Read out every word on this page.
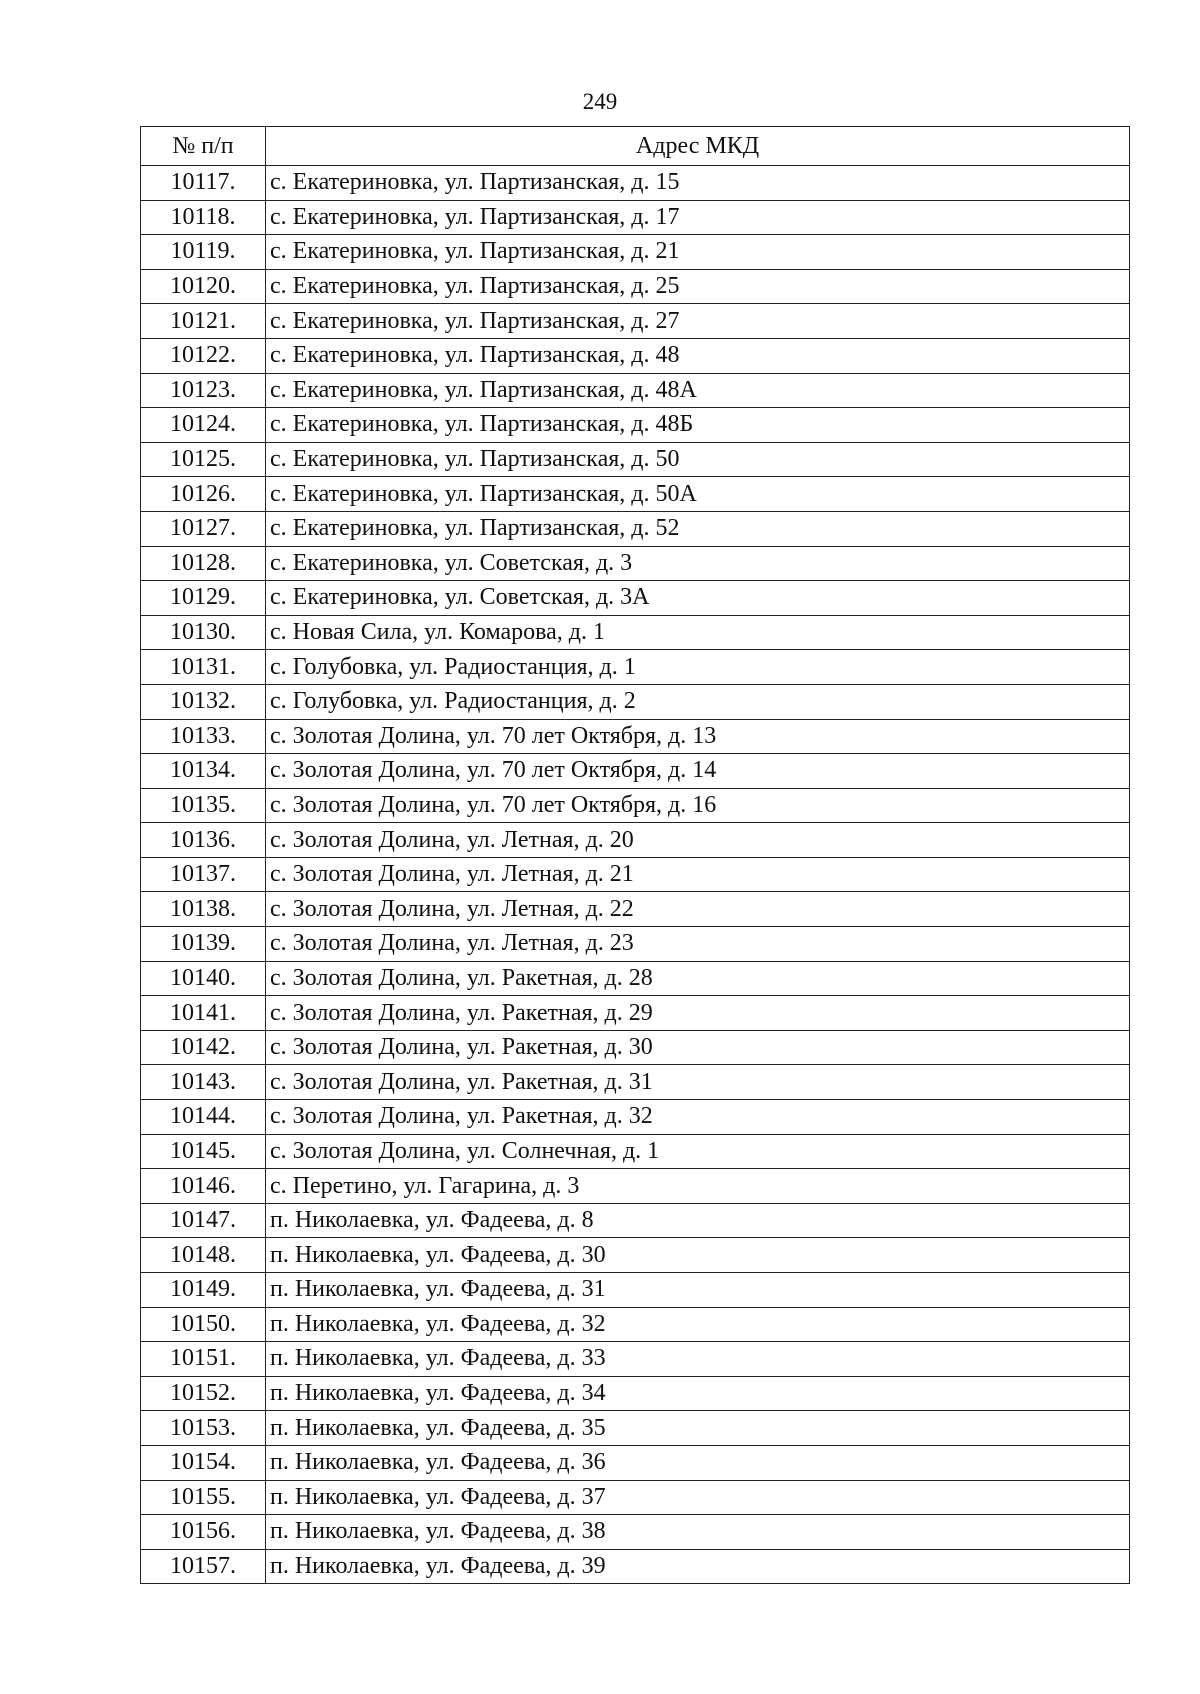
249
№ п/п	Адрес МКД
10117.	с. Екатериновка, ул. Партизанская, д. 15
10118.	с. Екатериновка, ул. Партизанская, д. 17
10119.	с. Екатериновка, ул. Партизанская, д. 21
10120.	с. Екатериновка, ул. Партизанская, д. 25
10121.	с. Екатериновка, ул. Партизанская, д. 27
10122.	с. Екатериновка, ул. Партизанская, д. 48
10123.	с. Екатериновка, ул. Партизанская, д. 48А
10124.	с. Екатериновка, ул. Партизанская, д. 48Б
10125.	с. Екатериновка, ул. Партизанская, д. 50
10126.	с. Екатериновка, ул. Партизанская, д. 50А
10127.	с. Екатериновка, ул. Партизанская, д. 52
10128.	с. Екатериновка, ул. Советская, д. 3
10129.	с. Екатериновка, ул. Советская, д. 3А
10130.	с. Новая Сила, ул. Комарова, д. 1
10131.	с. Голубовка, ул. Радиостанция, д. 1
10132.	с. Голубовка, ул. Радиостанция, д. 2
10133.	с. Золотая Долина, ул. 70 лет Октября, д. 13
10134.	с. Золотая Долина, ул. 70 лет Октября, д. 14
10135.	с. Золотая Долина, ул. 70 лет Октября, д. 16
10136.	с. Золотая Долина, ул. Летная, д. 20
10137.	с. Золотая Долина, ул. Летная, д. 21
10138.	с. Золотая Долина, ул. Летная, д. 22
10139.	с. Золотая Долина, ул. Летная, д. 23
10140.	с. Золотая Долина, ул. Ракетная, д. 28
10141.	с. Золотая Долина, ул. Ракетная, д. 29
10142.	с. Золотая Долина, ул. Ракетная, д. 30
10143.	с. Золотая Долина, ул. Ракетная, д. 31
10144.	с. Золотая Долина, ул. Ракетная, д. 32
10145.	с. Золотая Долина, ул. Солнечная, д. 1
10146.	с. Перетино, ул. Гагарина, д. 3
10147.	п. Николаевка, ул. Фадеева, д. 8
10148.	п. Николаевка, ул. Фадеева, д. 30
10149.	п. Николаевка, ул. Фадеева, д. 31
10150.	п. Николаевка, ул. Фадеева, д. 32
10151.	п. Николаевка, ул. Фадеева, д. 33
10152.	п. Николаевка, ул. Фадеева, д. 34
10153.	п. Николаевка, ул. Фадеева, д. 35
10154.	п. Николаевка, ул. Фадеева, д. 36
10155.	п. Николаевка, ул. Фадеева, д. 37
10156.	п. Николаевка, ул. Фадеева, д. 38
10157.	п. Николаевка, ул. Фадеева, д. 39
